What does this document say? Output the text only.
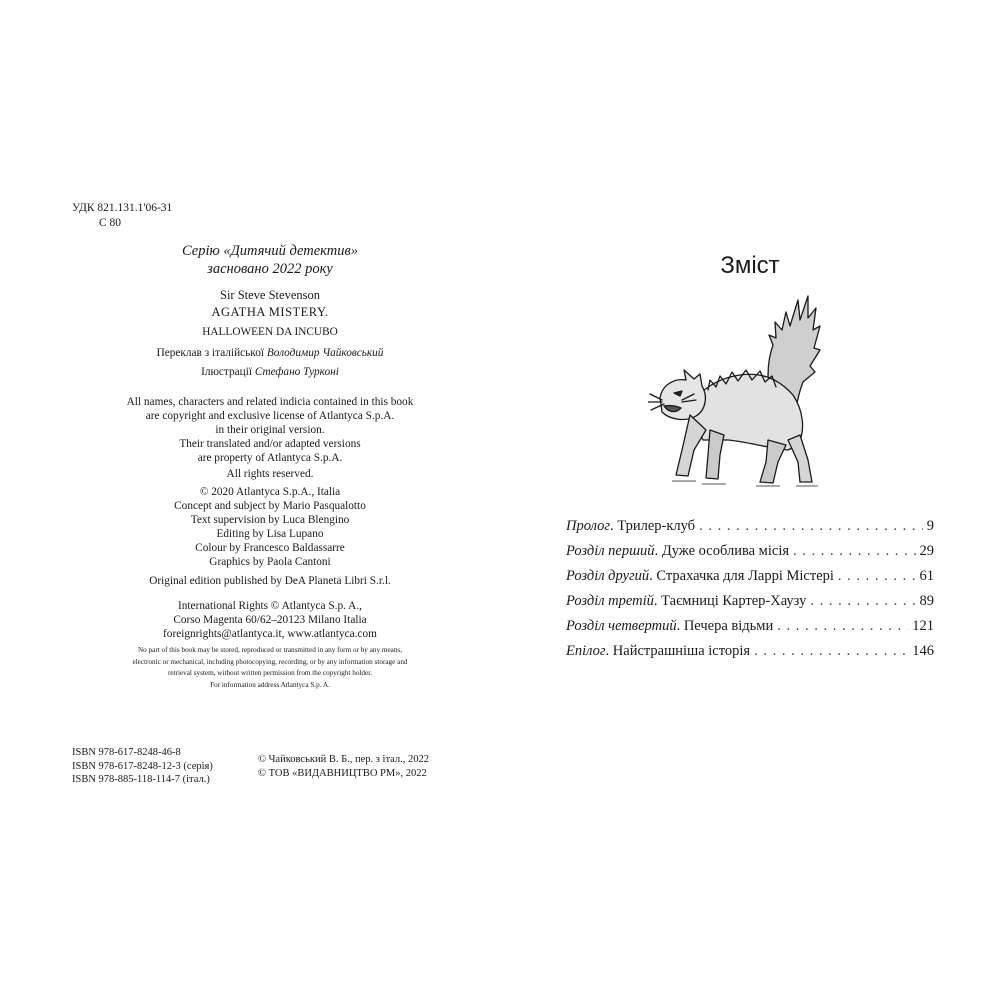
УДК 821.131.1'06-31
С 80
Серію «Дитячий детектив»
засновано 2022 року
Sir Steve Stevenson
AGATHA MISTERY.
HALLOWEEN DA INCUBO
Переклав з італійської Володимир Чайковський
Ілюстрації Стефано Турконі
All names, characters and related indicia contained in this book
are copyright and exclusive license of Atlantyca S.p.A.
in their original version.
Their translated and/or adapted versions
are property of Atlantyca S.p.A.
All rights reserved.
© 2020 Atlantyca S.p.A., Italia
Concept and subject by Mario Pasqualotto
Text supervision by Luca Blengino
Editing by Lisa Lupano
Colour by Francesco Baldassarre
Graphics by Paola Cantoni
Original edition published by DeA Planeta Libri S.r.l.
International Rights © Atlantyca S.p. A.,
Corso Magenta 60/62–20123 Milano Italia
foreignrights@atlantyca.it, www.atlantyca.com
No part of this book may be stored, reproduced or transmitted in any form or by any means,
electronic or mechanical, including photocopying, recording, or by any information storage and
retrieval system, without written permission from the copyright holder.
For information address Atlantyca S.p. A.
ISBN 978-617-8248-46-8
ISBN 978-617-8248-12-3 (серія)
ISBN 978-885-118-114-7 (італ.)
© Чайковський В. Б., пер. з італ., 2022
© ТОВ «ВИДАВНИЦТВО РМ», 2022
Зміст
Пролог . Трилер-клуб . . .	9
Розділ перший . Дуже особлива місія . . .	29
Розділ другий . Страхачка для Ларрі Містері . . .	61
Розділ третій . Таємниці Картер-Хаузу . . .	89
Розділ четвертий . Печера відьми . . .	121
Епілог . Найстрашніша історія . . .	146
